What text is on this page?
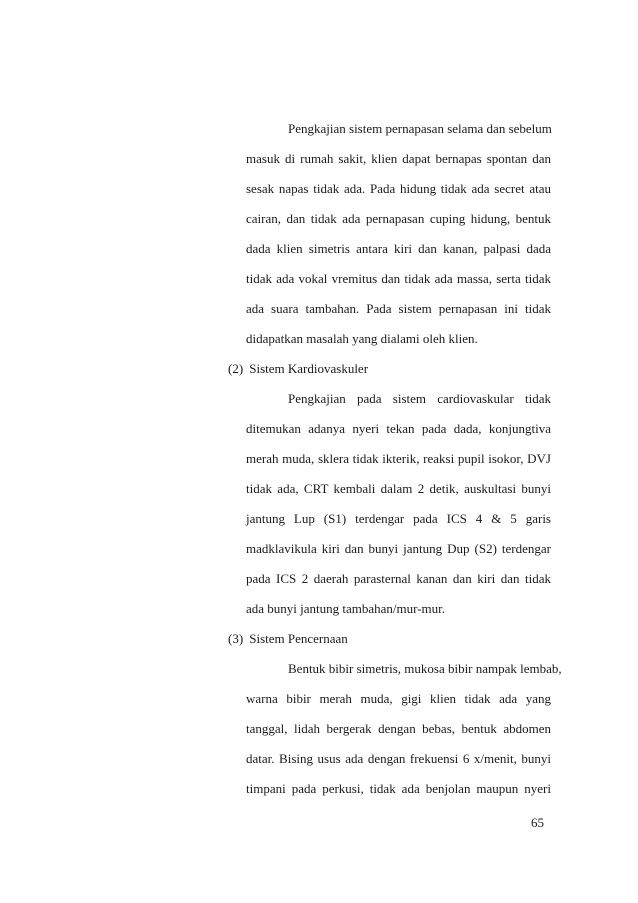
Pengkajian sistem pernapasan selama dan sebelum
masuk di rumah sakit, klien dapat bernapas spontan dan
sesak napas tidak ada. Pada hidung tidak ada secret atau
cairan, dan tidak ada pernapasan cuping hidung, bentuk
dada klien simetris antara kiri dan kanan, palpasi dada
tidak ada vokal vremitus dan tidak ada massa, serta tidak
ada suara tambahan. Pada sistem pernapasan ini tidak
didapatkan masalah yang dialami oleh klien.
(2) Sistem Kardiovaskuler
Pengkajian pada sistem cardiovaskular tidak
ditemukan adanya nyeri tekan pada dada, konjungtiva
merah muda, sklera tidak ikterik, reaksi pupil isokor, DVJ
tidak ada, CRT kembali dalam 2 detik, auskultasi bunyi
jantung Lup (S1) terdengar pada ICS 4 & 5 garis
madklavikula kiri dan bunyi jantung Dup (S2) terdengar
pada ICS 2 daerah parasternal kanan dan kiri dan tidak
ada bunyi jantung tambahan/mur-mur.
(3) Sistem Pencernaan
Bentuk bibir simetris, mukosa bibir nampak lembab,
warna bibir merah muda, gigi klien tidak ada yang
tanggal, lidah bergerak dengan bebas, bentuk abdomen
datar. Bising usus ada dengan frekuensi 6 x/menit, bunyi
timpani pada perkusi, tidak ada benjolan maupun nyeri
65
